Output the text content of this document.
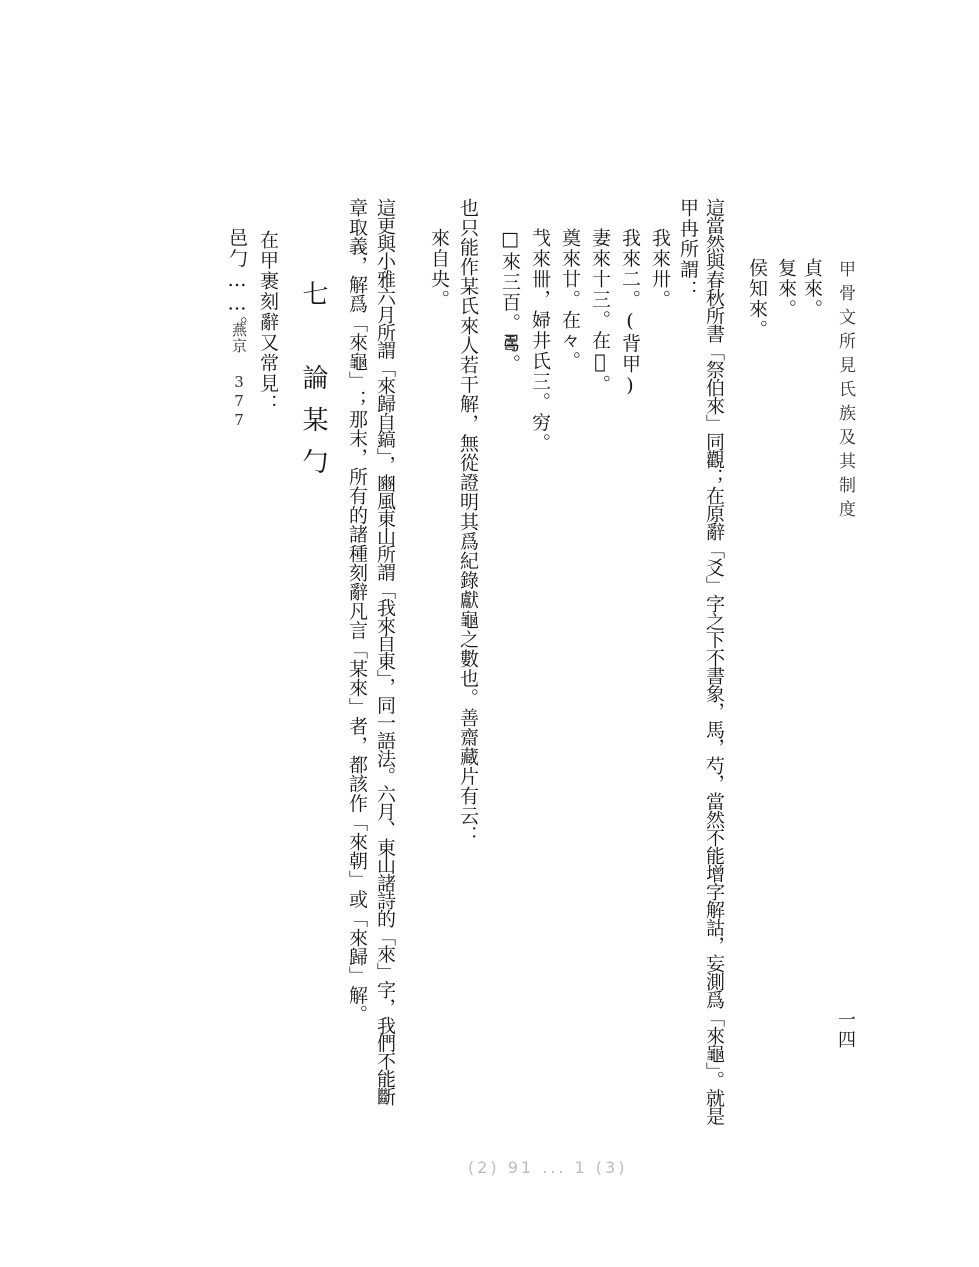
甲骨文所見氏族及其制度
一四
貞來。
复來。
侯知來。
這當然與春秋所書「祭伯來」同觀；在原辭「爻」字之下不書象，馬，芍，當然不能增字解詁，妄測爲「來龜」。就是
甲冉所謂：
我來卅。
我來二。(背甲)
妻來十三。在𡧊。
奠來廿。在𠚤。
𢦏來卌，婦井氏三。穷。
□來三百。𠷎。
也只能作某氏來人若干解，無從證明其爲紀錄獻龜之數也。善齋藏片有云：
來自央。
這更與小雅六月所謂「來歸自鎬」，豳風東山所謂「我來自東」，同一語法。六月、東山諸詩的「來」字，我們不能斷
章取義，解爲「來龜」；那末，所有的諸種刻辭凡言「某來」者，都該作「來朝」或「來歸」解。
七　論某勹
在甲裹刻辭又常見：
邑勹……。
燕京 377
(2) 91 ... 1 (3)
